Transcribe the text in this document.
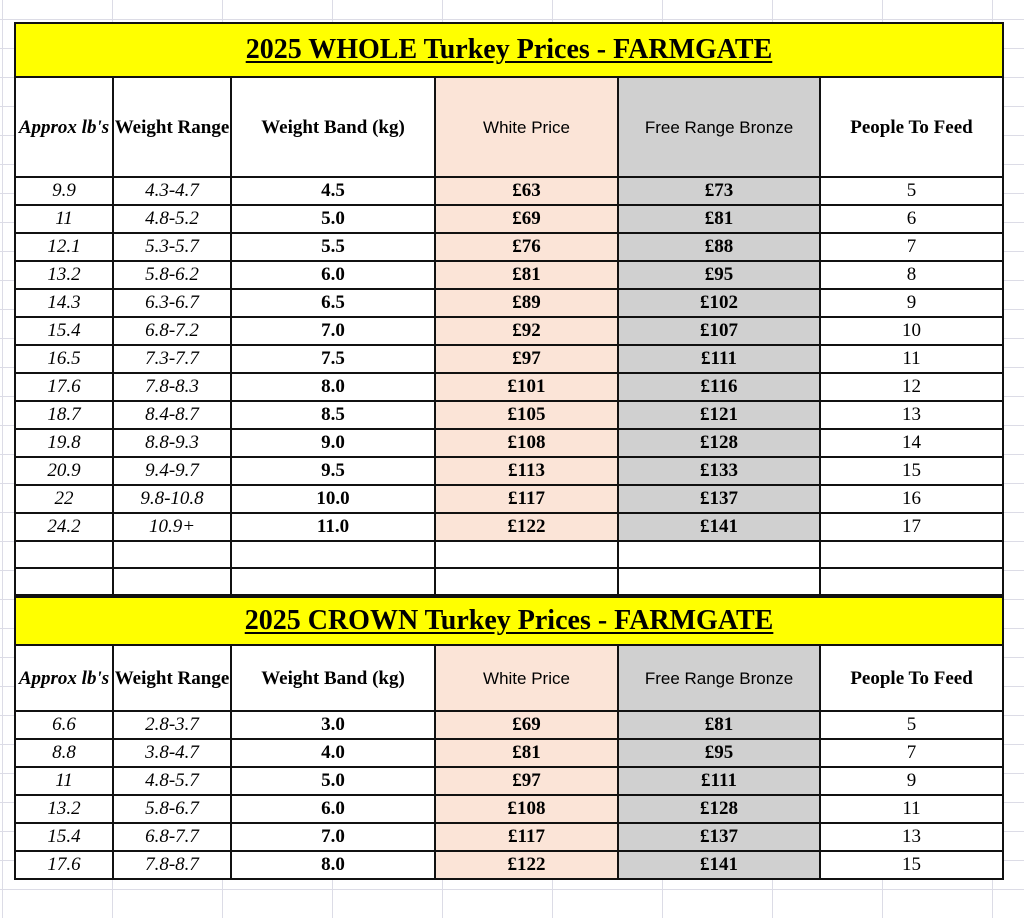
2025 WHOLE Turkey Prices - FARMGATE					
Approx lb's	Weight Range	Weight Band (kg)	White Price	Free Range Bronze	People To Feed
9.9	4.3-4.7	4.5	£63	£73	5
11	4.8-5.2	5.0	£69	£81	6
12.1	5.3-5.7	5.5	£76	£88	7
13.2	5.8-6.2	6.0	£81	£95	8
14.3	6.3-6.7	6.5	£89	£102	9
15.4	6.8-7.2	7.0	£92	£107	10
16.5	7.3-7.7	7.5	£97	£111	11
17.6	7.8-8.3	8.0	£101	£116	12
18.7	8.4-8.7	8.5	£105	£121	13
19.8	8.8-9.3	9.0	£108	£128	14
20.9	9.4-9.7	9.5	£113	£133	15
22	9.8-10.8	10.0	£117	£137	16
24.2	10.9+	11.0	£122	£141	17

2025 CROWN Turkey Prices - FARMGATE					
Approx lb's	Weight Range	Weight Band (kg)	White Price	Free Range Bronze	People To Feed
6.6	2.8-3.7	3.0	£69	£81	5
8.8	3.8-4.7	4.0	£81	£95	7
11	4.8-5.7	5.0	£97	£111	9
13.2	5.8-6.7	6.0	£108	£128	11
15.4	6.8-7.7	7.0	£117	£137	13
17.6	7.8-8.7	8.0	£122	£141	15
